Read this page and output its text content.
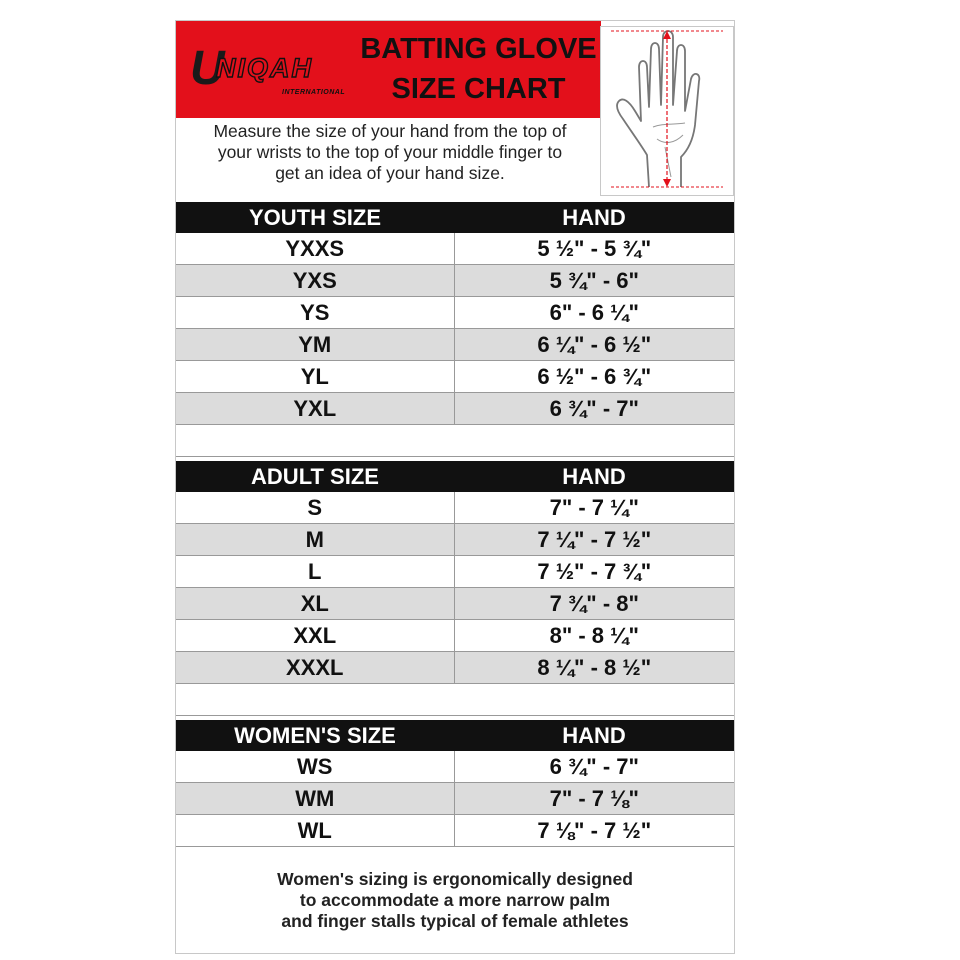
U
NIQAH
INTERNATIONAL
BATTING GLOVE
SIZE CHART
Measure the size of your hand from the top of
your wrists to the top of your middle finger to
get an idea of your hand size.
YOUTH SIZE	HAND
YXXS	5 ½" - 5 ¾"
YXS	5 ¾" - 6"
YS	6" - 6 ¼"
YM	6 ¼" - 6 ½"
YL	6 ½" - 6 ¾"
YXL	6 ¾" - 7"
ADULT SIZE	HAND
S	7" - 7 ¼"
M	7 ¼" - 7 ½"
L	7 ½" - 7 ¾"
XL	7 ¾" - 8"
XXL	8" - 8 ¼"
XXXL	8 ¼" - 8 ½"
WOMEN'S SIZE	HAND
WS	6 ¾" - 7"
WM	7" - 7 ⅛"
WL	7 ⅛" - 7 ½"
Women's sizing is ergonomically designed
to accommodate a more narrow palm
and finger stalls typical of female athletes
